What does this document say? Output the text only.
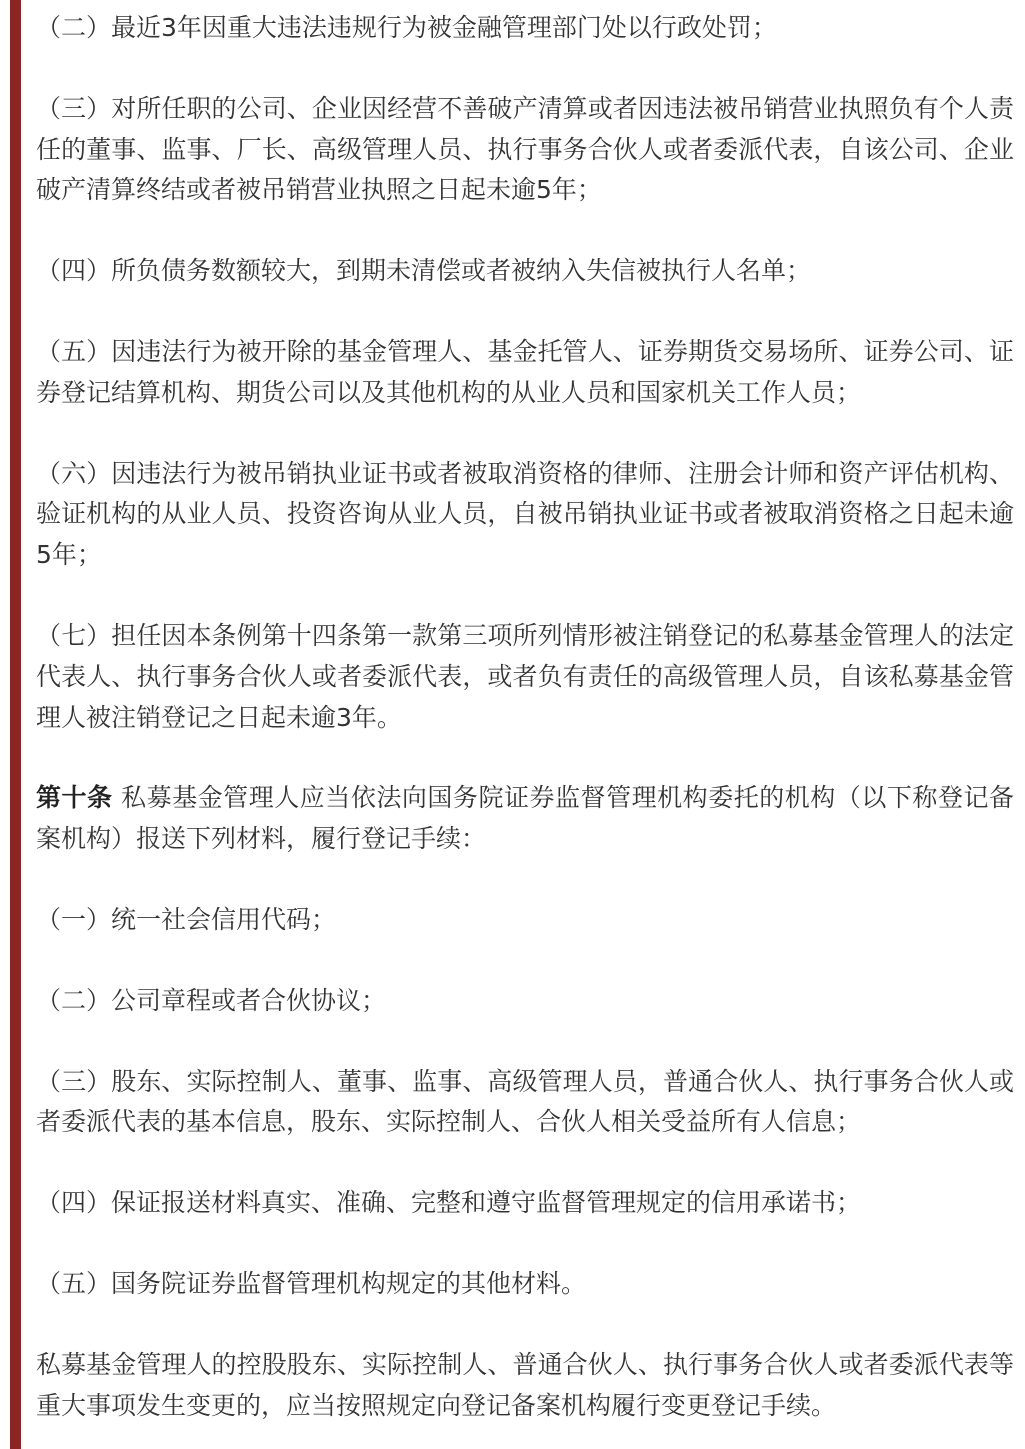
（二）最近3年因重大违法违规行为被金融管理部门处以行政处罚；

（三）对所任职的公司、企业因经营不善破产清算或者因违法被吊销营业执照负有个人责任的董事、监事、厂长、高级管理人员、执行事务合伙人或者委派代表，自该公司、企业破产清算终结或者被吊销营业执照之日起未逾5年；

（四）所负债务数额较大，到期未清偿或者被纳入失信被执行人名单；

（五）因违法行为被开除的基金管理人、基金托管人、证券期货交易场所、证券公司、证券登记结算机构、期货公司以及其他机构的从业人员和国家机关工作人员；

（六）因违法行为被吊销执业证书或者被取消资格的律师、注册会计师和资产评估机构、验证机构的从业人员、投资咨询从业人员，自被吊销执业证书或者被取消资格之日起未逾5年；

（七）担任因本条例第十四条第一款第三项所列情形被注销登记的私募基金管理人的法定代表人、执行事务合伙人或者委派代表，或者负有责任的高级管理人员，自该私募基金管理人被注销登记之日起未逾3年。

第十条 私募基金管理人应当依法向国务院证券监督管理机构委托的机构（以下称登记备案机构）报送下列材料，履行登记手续：

（一）统一社会信用代码；

（二）公司章程或者合伙协议；

（三）股东、实际控制人、董事、监事、高级管理人员，普通合伙人、执行事务合伙人或者委派代表的基本信息，股东、实际控制人、合伙人相关受益所有人信息；

（四）保证报送材料真实、准确、完整和遵守监督管理规定的信用承诺书；

（五）国务院证券监督管理机构规定的其他材料。

私募基金管理人的控股股东、实际控制人、普通合伙人、执行事务合伙人或者委派代表等重大事项发生变更的，应当按照规定向登记备案机构履行变更登记手续。
